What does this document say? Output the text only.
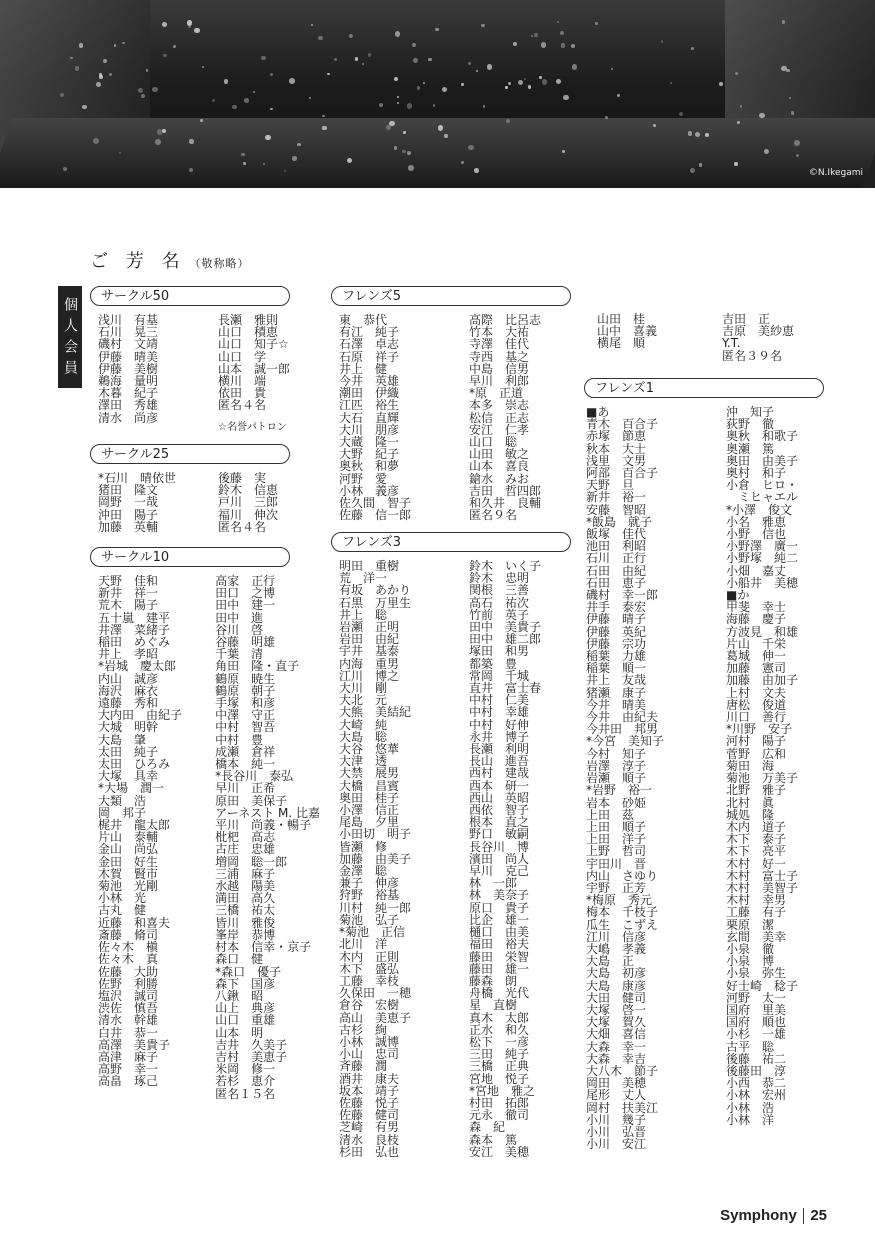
©N.Ikegami
ご 芳 名 （敬称略）
個人会員
サークル50
浅川　有基
石川　晃三
磯村　文靖
伊藤　晴美
伊藤　美樹
鵜海　量明
木暮　紀子
澤田　秀雄
清水　尚彦
長瀬　雅則
山口　積恵
山口　知子☆
山口　学
山本　誠一郎
横川　端
依田　貴
匿名４名
☆名誉パトロン
サークル25
*石川　晴依世
猪田　隆文
岡野　一哉
沖田　陽子
加藤　英輔
後藤　実
鈴木　信恵
戸川　三郎
福川　伸次
匿名４名
サークル10
天野　佳和
新井　祥一
荒木　陽子
五十嵐　建平
井澤　菜緒子
稲田　めぐみ
井上　孝昭
*岩城　慶太郎
内山　誠彦
海沢　麻衣
遠藤　秀和
大内田　由紀子
大城　明幹
大島　肇
太田　純子
太田　ひろみ
大塚　具幸
*大場　潤一
大類　浩
岡　邦子
梶井　龍太郎
片山　泰輔
金山　尚弘
金田　好生
木賀　賢市
菊池　光剛
小林　光
古丸　健
近藤　和喜夫
斎藤　脩司
佐々木　槇
佐々木　真
佐藤　大助
佐野　利勝
塩沢　誠司
渋佐　慎吾
清水　幹雄
白井　恭一
高澤　美貴子
高津　麻子
高野　幸一
高畠　琢己
高家　正行
田口　之博
田中　建一
田中　進
谷川　啓
谷藤　明雄
千葉　清
角田　隆・直子
鶴原　暁生
鶴原　朝子
手塚　和彦
中澤　守正
中村　智吾
中村　豊
成瀬　倉祥
橋本　純一
*長谷川　泰弘
早川　正希
原田　美保子
アーネスト M. 比嘉
平川　尚義・暢子
枇杷　高志
古庄　忠雄
増岡　聡一郎
三浦　麻子
水越　陽美
満田　高久
三橋　祐太
皆川　雅俊
峯岸　恭博
村本　信幸・京子
森口　健
*森口　優子
森下　国彦
八鍬　昭
山上　典彦
山口　重雄
山本　明
吉井　久美子
吉村　美恵子
米岡　修一
若杉　恵介
匿名１５名
フレンズ5
東　恭代
有江　純子
石澤　卓志
石原　祥子
井上　健
今井　英雄
潮田　伊織
江匹　裕生
大石　直輝
大川　朋彦
大蔵　隆一
大野　紀子
奥秋　和夢
河野　愛
小林　義彦
佐久間　智子
佐藤　信一郎
高際　比呂志
竹本　大祐
寺澤　佳代
寺西　基之
中島　信男
早川　利郎
*原　正道
本多　崇志
松信　正志
安江　仁孝
山口　聡
山田　敏之
山本　喜良
鎗水　みお
吉田　哲四郎
和久井　良輔
匿名９名
フレンズ3
明田　重樹
荒　洋一
有坂　あかり
石黒　万里生
井上　聡
岩瀬　正明
岩田　由紀
宇井　基泰
内海　重男
江川　博之
大川　剛
大北　元
大熊　美結紀
大崎　純
大島　聡
大谷　悠華
大津　透
大禁　展男
大橋　昌賓
奥田　桂子
小澤　信正
尾島　夕里
小田切　明子
皆瀬　修
加藤　由美子
金澤　聡
兼子　伸彦
狩野　裕基
川村　純一郎
菊池　弘子
*菊池　正信
北川　洋
木内　正則
木下　盛弘
工藤　幸枝
久保田　一穂
倉谷　宏樹
高山　美恵子
古杉　絢
小林　誠博
小山　忠司
斉藤　潤
酒井　康夫
坂本　靖子
佐藤　悦子
佐藤　健司
芝崎　有男
清水　良枝
杉田　弘也
鈴木　いく子
鈴木　忠明
関根　三善
高石　祐次
竹前　英子
田中　美貴子
田中　雄二郎
塚田　和男
都築　豊
常岡　千城
直井　富士春
中村　仁美
中村　幸雄
中村　好伸
永井　博子
長瀬　利明
長山　進吾
西村　建哉
西本　研一
西山　英昭
西依　智子
根本　直之
野口　敏嗣
長谷川　博
濱田　尚人
早川　克己
林　一郎
林　美奈子
原口　貴子
比企　雄一
樋口　由美
福田　裕夫
藤田　栄智
藤田　雄一
藤森　朗
舟橋　光代
星　直樹
真木　太郎
正水　和久
松下　一彦
三田　純子
三橋　正典
宮地　悦子
*宮地　雅之
村田　拓郎
元永　徹司
森　紀
森本　篤
安江　美穂
山田　桂
山中　喜義
横尾　順
吉田　正
吉原　美紗恵
Y.T.
匿名３９名
フレンズ1
■あ
青木　百合子
赤塚　節恵
秋本　大士
浅里　文男
阿部　百合子
天野　旦
新井　裕一
安藤　智昭
*飯島　就子
飯塚　佳代
池田　利昭
石川　正行
石田　由紀
石田　恵子
磯村　幸一郎
井手　泰宏
伊藤　晴子
伊藤　英紀
伊藤　宗功
稲葉　力雄
稲葉　順一
井上　友哉
猪瀬　康子
今井　晴美
今井　由紀夫
今井田　邦男
*今宮　美知子
今村　知子
岩澤　淳子
岩瀬　順子
*岩野　裕一
岩本　砂姫
上田　茲
上田　順子
上田　洋子
上野　哲司
宇田川　晋
内山　さゆり
宇野　正芳
*梅原　秀元
梅本　千枝子
瓜生　こずえ
江川　信彦
大嶋　孝義
大島　正
大島　初彦
大島　康彦
大田　健司
大塚　啓一
大塚　賀久
大畑　喜信
大森　幸一
大森　幸吉
大八木　節子
岡田　美穂
尾形　丈人
岡村　扶美江
小川　幾子
小川　弘晋
小川　安江
沖　知子
荻野　徹
奥秋　和歌子
奥瀬　篤
奥田　由美子
奥村　和子
小倉　ヒロ・
　ミヒャエル
*小澤　俊文
小名　雅恵
小野　信也
小野澤　廣一
小野塚　純二
小畑　嘉丈
小船井　美穂
■か
甲斐　幸士
海藤　慶子
方波見　和雄
片山　千栄
葛城　伸一
加藤　憲司
加藤　由加子
上村　文夫
唐松　俊道
川口　善行
*川野　安子
河村　陽子
菅野　広和
菊田　海
菊池　万美子
北野　雅子
北村　眞
城処　隆
木内　道子
木下　泰子
木下　亮平
木村　好一
木村　富士子
木村　美智子
木村　幸男
工藤　有子
栗原　潔
玄間　美幸
小泉　徹
小泉　博
小泉　弥生
好士崎　稔子
河野　太一
国府　里美
国府　順也
小杉　一雄
古平　聡
後藤　祐二
後藤田　淳
小西　恭二
小林　宏州
小林　浩
小林　洋
Symphony 25
